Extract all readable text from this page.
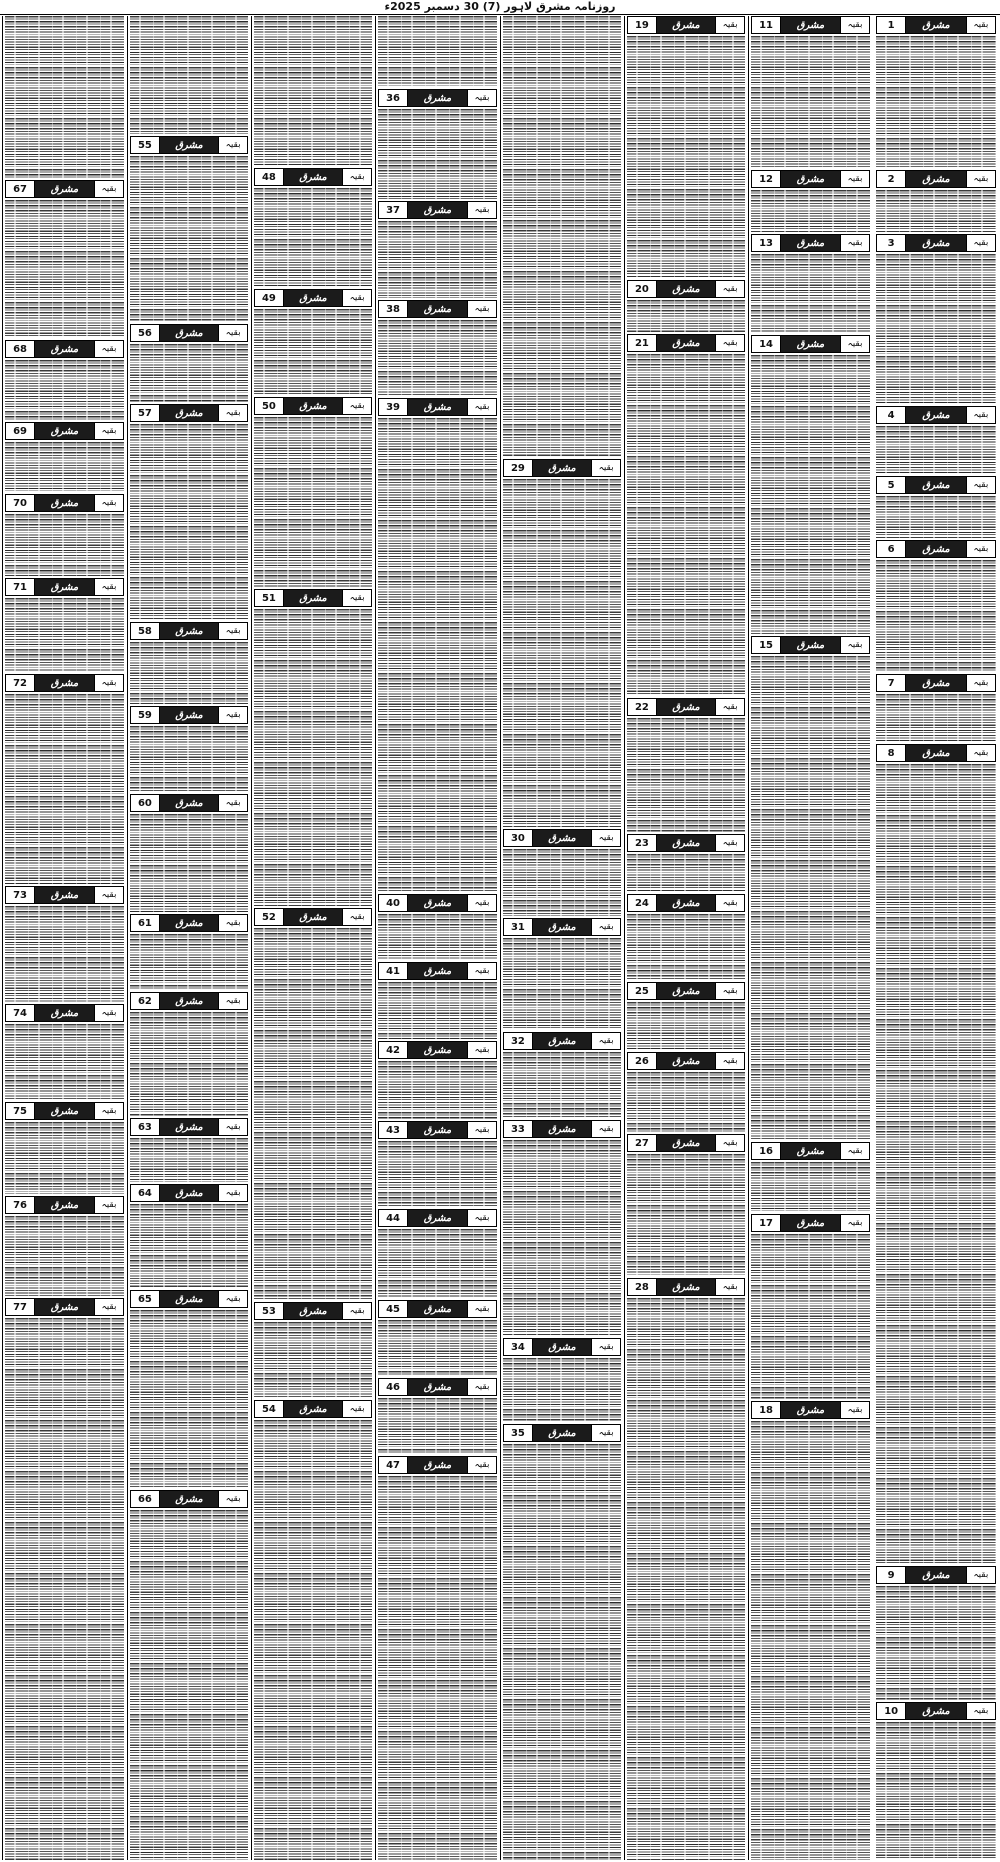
روزنامہ مشرق لاہور (7) 30 دسمبر 2025ء
1	مشرق	بقیہ
2	مشرق	بقیہ
3	مشرق	بقیہ
4	مشرق	بقیہ
5	مشرق	بقیہ
6	مشرق	بقیہ
7	مشرق	بقیہ
8	مشرق	بقیہ
9	مشرق	بقیہ
10	مشرق	بقیہ
11	مشرق	بقیہ
12	مشرق	بقیہ
13	مشرق	بقیہ
14	مشرق	بقیہ
15	مشرق	بقیہ
16	مشرق	بقیہ
17	مشرق	بقیہ
18	مشرق	بقیہ
19	مشرق	بقیہ
20	مشرق	بقیہ
21	مشرق	بقیہ
22	مشرق	بقیہ
23	مشرق	بقیہ
24	مشرق	بقیہ
25	مشرق	بقیہ
26	مشرق	بقیہ
27	مشرق	بقیہ
28	مشرق	بقیہ
29	مشرق	بقیہ
30	مشرق	بقیہ
31	مشرق	بقیہ
32	مشرق	بقیہ
33	مشرق	بقیہ
34	مشرق	بقیہ
35	مشرق	بقیہ
36	مشرق	بقیہ
37	مشرق	بقیہ
38	مشرق	بقیہ
39	مشرق	بقیہ
40	مشرق	بقیہ
41	مشرق	بقیہ
42	مشرق	بقیہ
43	مشرق	بقیہ
44	مشرق	بقیہ
45	مشرق	بقیہ
46	مشرق	بقیہ
47	مشرق	بقیہ
48	مشرق	بقیہ
49	مشرق	بقیہ
50	مشرق	بقیہ
51	مشرق	بقیہ
52	مشرق	بقیہ
53	مشرق	بقیہ
54	مشرق	بقیہ
55	مشرق	بقیہ
56	مشرق	بقیہ
57	مشرق	بقیہ
58	مشرق	بقیہ
59	مشرق	بقیہ
60	مشرق	بقیہ
61	مشرق	بقیہ
62	مشرق	بقیہ
63	مشرق	بقیہ
64	مشرق	بقیہ
65	مشرق	بقیہ
66	مشرق	بقیہ
67	مشرق	بقیہ
68	مشرق	بقیہ
69	مشرق	بقیہ
70	مشرق	بقیہ
71	مشرق	بقیہ
72	مشرق	بقیہ
73	مشرق	بقیہ
74	مشرق	بقیہ
75	مشرق	بقیہ
76	مشرق	بقیہ
77	مشرق	بقیہ
